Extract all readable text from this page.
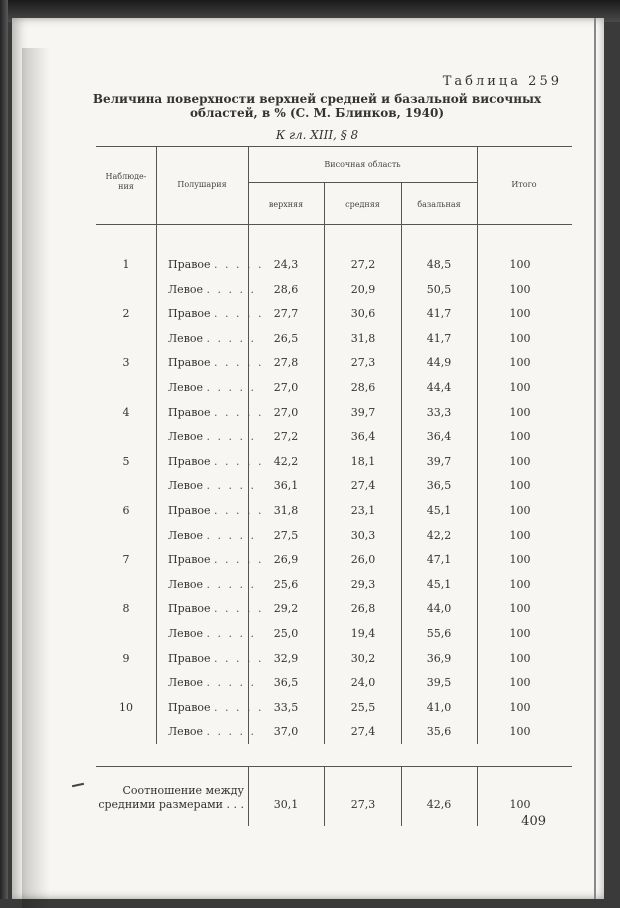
Таблица 259
Величина поверхности верхней средней и базальной височных областей, в % (С. М. Блинков, 1940)
К гл. XIII, § 8
Наблюде-ния	Полушария
Височная область
верхняя	средняя	базальная
Итого
1	Правое . . . . . 24,3	27,2	48,5	100
Левое . . . . .	28,6	20,9	50,5	100
2	Правое . . . . . 27,7	30,6	41,7	100
Левое . . . . .	26,5	31,8	41,7	100
3	Правое . . . . . 27,8	27,3	44,9	100
Левое . . . . .	27,0	28,6	44,4	100
4	Правое . . . . . 27,0	39,7	33,3	100
Левое . . . . .	27,2	36,4	36,4	100
5	Правое . . . . . 42,2	18,1	39,7	100
Левое . . . . .	36,1	27,4	36,5	100
6	Правое . . . . . 31,8	23,1	45,1	100
Левое . . . . .	27,5	30,3	42,2	100
7	Правое . . . . . 26,9	26,0	47,1	100
Левое . . . . .	25,6	29,3	45,1	100
8	Правое . . . . . 29,2	26,8	44,0	100
Левое . . . . .	25,0	19,4	55,6	100
9	Правое . . . . . 32,9	30,2	36,9	100
Левое . . . . .	36,5	24,0	39,5	100
10	Правое . . . . . 33,5	25,5	41,0	100
Левое . . . . .	37,0	27,4	35,6	100
Соотношение между
средними размерами . . .	30,1	27,3	42,6	100
409
